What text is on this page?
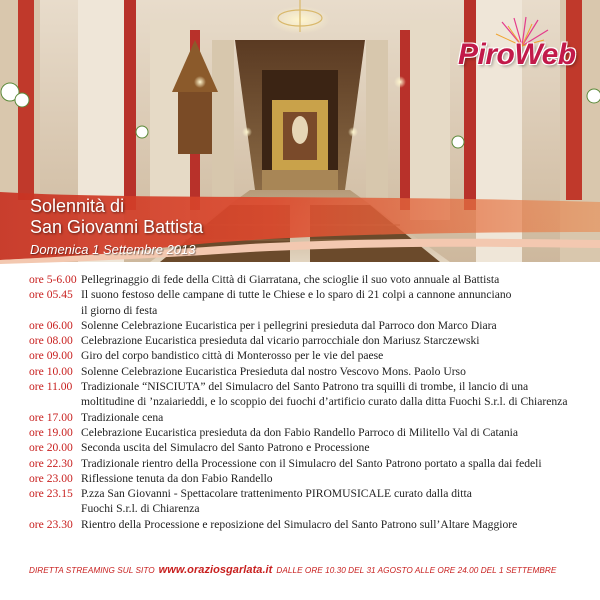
PiroWeb
Solennità di
San Giovanni Battista
Domenica 1 Settembre 2013
ore 5-6.00 Pellegrinaggio di fede della Città di Giarratana, che scioglie il suo voto annuale al Battista
ore 05.45 Il suono festoso delle campane di tutte le Chiese e lo sparo di 21 colpi a cannone annunciano
il giorno di festa
ore 06.00 Solenne Celebrazione Eucaristica per i pellegrini presieduta dal Parroco don Marco Diara
ore 08.00 Celebrazione Eucaristica presieduta dal vicario parrocchiale don Mariusz Starczewski
ore 09.00 Giro del corpo bandistico città di Monterosso per le vie del paese
ore 10.00 Solenne Celebrazione Eucaristica Presieduta dal nostro Vescovo Mons. Paolo Urso
ore 11.00 Tradizionale “NISCIUTA” del Simulacro del Santo Patrono tra squilli di trombe, il lancio di una
moltitudine di ’nzaiarieddi, e lo scoppio dei fuochi d’artificio curato dalla ditta Fuochi S.r.l. di Chiarenza
ore 17.00 Tradizionale cena
ore 19.00 Celebrazione Eucaristica presieduta da don Fabio Randello Parroco di Militello Val di Catania
ore 20.00 Seconda uscita del Simulacro del Santo Patrono e Processione
ore 22.30 Tradizionale rientro della Processione con il Simulacro del Santo Patrono portato a spalla dai fedeli
ore 23.00 Riflessione tenuta da don Fabio Randello
ore 23.15 P.zza San Giovanni - Spettacolare trattenimento PIROMUSICALE curato dalla ditta
Fuochi S.r.l. di Chiarenza
ore 23.30 Rientro della Processione e reposizione del Simulacro del Santo Patrono sull’Altare Maggiore
DIRETTA STREAMING SUL SITO www.oraziosgarlata.it DALLE ORE 10.30 DEL 31 AGOSTO ALLE ORE 24.00 DEL 1 SETTEMBRE
